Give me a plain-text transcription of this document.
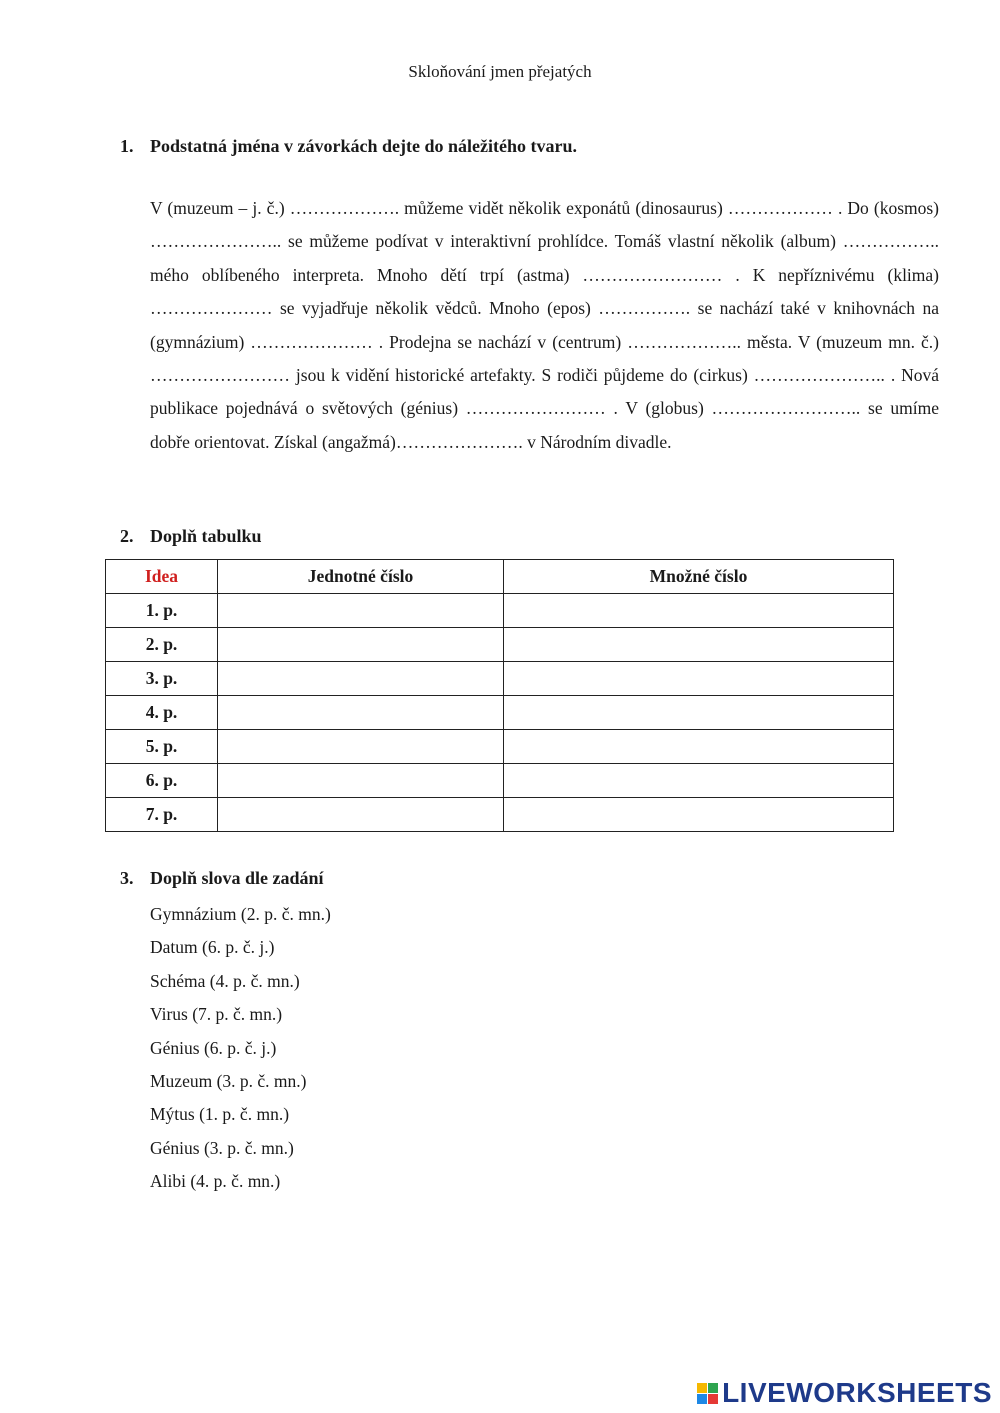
Skloňování jmen přejatých
1. Podstatná jména v závorkách dejte do náležitého tvaru.

V (muzeum – j. č.) ………………. můžeme vidět několik exponátů (dinosaurus) ……………… . Do (kosmos) ………………….. se můžeme podívat v interaktivní prohlídce. Tomáš vlastní několik (album) …………….. mého oblíbeného interpreta. Mnoho dětí trpí (astma) …………………… . K nepříznivému (klima) ………………… se vyjadřuje několik vědců. Mnoho (epos) ……………. se nachází také v knihovnách na (gymnázium) ………………… . Prodejna se nachází v (centrum) ……………….. města. V (muzeum mn. č.) …………………… jsou k vidění historické artefakty. S rodiči půjdeme do (cirkus) ………………….. . Nová publikace pojednává o světových (génius) …………………… . V (globus) …………………….. se umíme dobře orientovat. Získal (angažmá)…………………. v Národním divadle.

2. Doplň tabulku
Idea	Jednotné číslo	Množné číslo
1. p.		
2. p.		
3. p.		
4. p.		
5. p.		
6. p.		
7. p.		
3. Doplň slova dle zadání
Gymnázium (2. p. č. mn.)
Datum (6. p. č. j.)
Schéma (4. p. č. mn.)
Virus (7. p. č. mn.)
Génius (6. p. č. j.)
Muzeum (3. p. č. mn.)
Mýtus (1. p. č. mn.)
Génius (3. p. č. mn.)
Alibi (4. p. č. mn.)
LIVEWORKSHEETS
